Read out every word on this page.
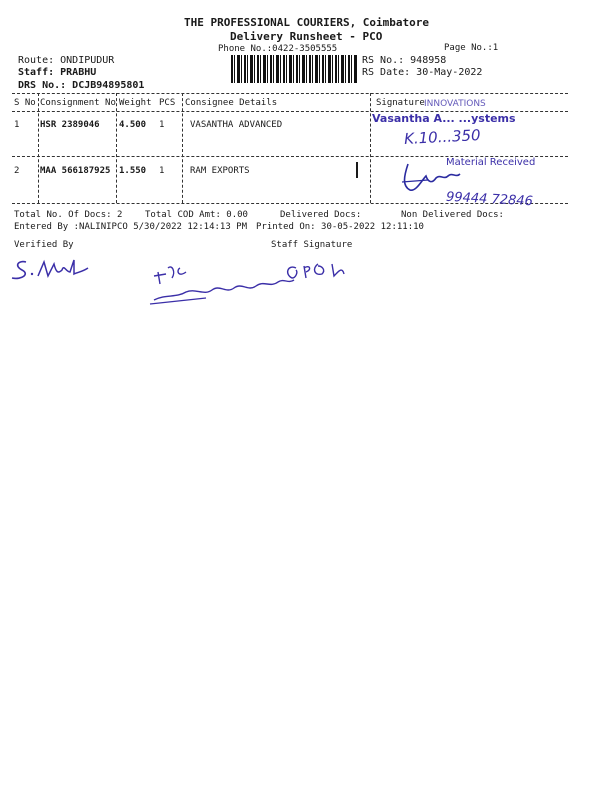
THE PROFESSIONAL COURIERS, Coimbatore
Delivery Runsheet - PCO
Phone No.:0422-3505555	Page No.:1
Route: ONDIPUDUR
Staff: PRABHU
DRS No.: DCJB94895801
RS No.: 948958
RS Date: 30-May-2022
S No Consignment No Weight PCS Consignee Details	Signature
1 HSR 2389046 4.500 1	VASANTHA ADVANCED
2 MAA 566187925 1.550 1	RAM EXPORTS
INNOVATIONS
Vasantha A... ...ystems
K.10...350
Material Received
99444 72846
Total No. Of Docs: 2	Total COD Amt: 0.00	Delivered Docs:	Non Delivered Docs:
Entered By :NALINIPCO 5/30/2022 12:14:13 PM Printed On: 30-05-2022 12:11:10
Verified By	Staff Signature
